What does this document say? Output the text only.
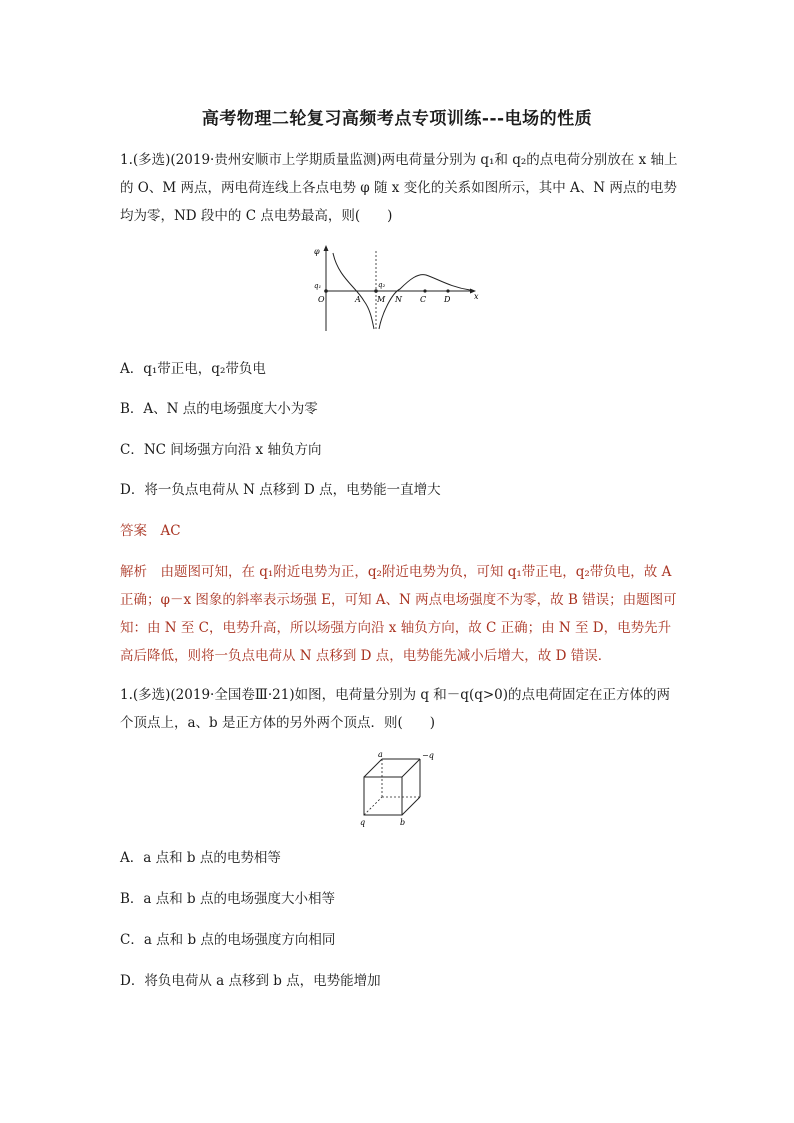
高考物理二轮复习高频考点专项训练---电场的性质

1.(多选)(2019·贵州安顺市上学期质量监测)两电荷量分别为 q₁和 q₂的点电荷分别放在 x 轴上的 O、M 两点，两电荷连线上各点电势 φ 随 x 变化的关系如图所示，其中 A、N 两点的电势均为零，ND 段中的 C 点电势最高，则(　　)

φ
x
q₁	q₂
O	A M N C D

A．q₁带正电，q₂带负电

B．A、N 点的电场强度大小为零

C．NC 间场强方向沿 x 轴负方向

D．将一负点电荷从 N 点移到 D 点，电势能一直增大

答案　AC

解析　由题图可知，在 q₁附近电势为正，q₂附近电势为负，可知 q₁带正电，q₂带负电，故 A 正确；φ－x 图象的斜率表示场强 E，可知 A、N 两点电场强度不为零，故 B 错误；由题图可知：由 N 至 C，电势升高，所以场强方向沿 x 轴负方向，故 C 正确；由 N 至 D，电势先升高后降低，则将一负点电荷从 N 点移到 D 点，电势能先减小后增大，故 D 错误．

1.(多选)(2019·全国卷Ⅲ·21)如图，电荷量分别为 q 和－q(q>0)的点电荷固定在正方体的两个顶点上，a、b 是正方体的另外两个顶点．则(　　)

a	−q
q	b

A．a 点和 b 点的电势相等

B．a 点和 b 点的电场强度大小相等

C．a 点和 b 点的电场强度方向相同

D．将负电荷从 a 点移到 b 点，电势能增加
